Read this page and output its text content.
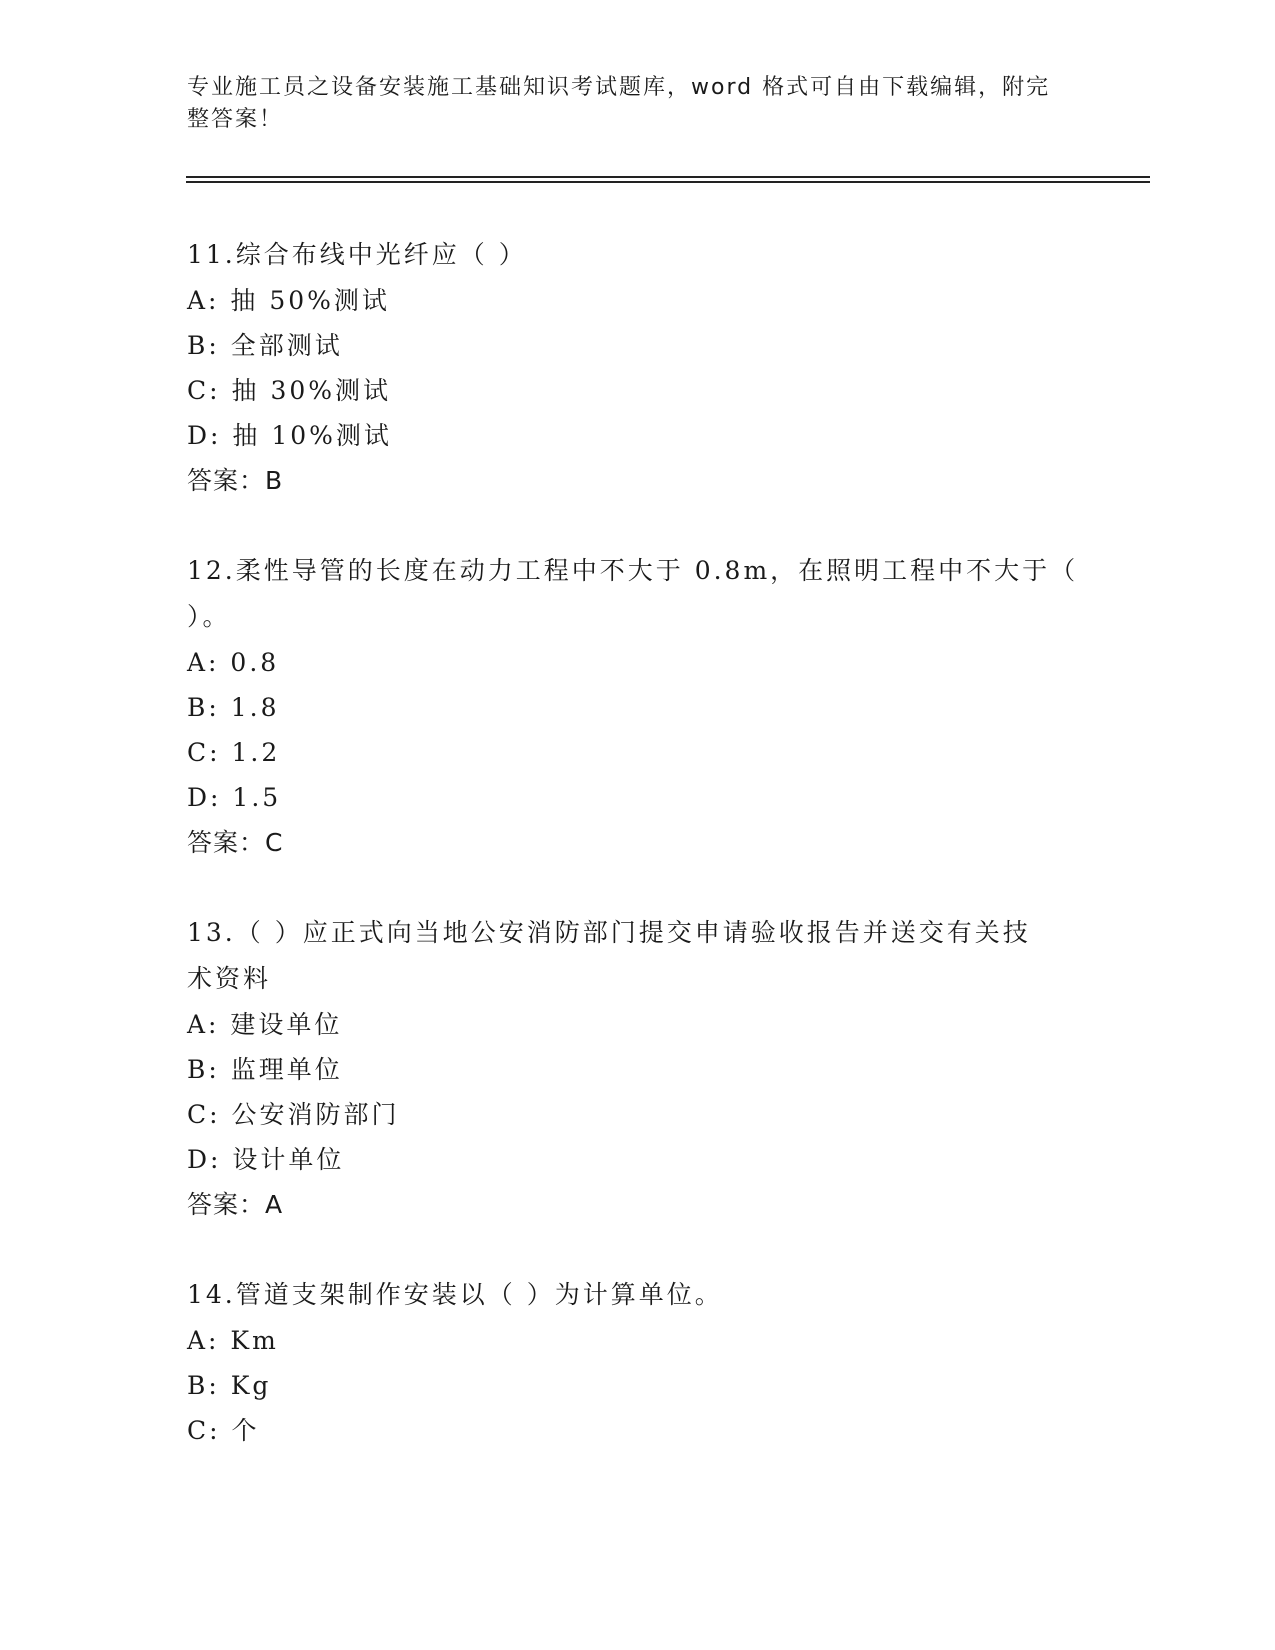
专业施工员之设备安装施工基础知识考试题库，word 格式可自由下载编辑，附完
整答案！

11.综合布线中光纤应（ ）

A: 抽 50%测试

B: 全部测试

C: 抽 30%测试

D: 抽 10%测试

答案：B

12.柔性导管的长度在动力工程中不大于 0.8m，在照明工程中不大于（

）。

A: 0.8

B: 1.8

C: 1.2

D: 1.5

答案：C

13.（ ）应正式向当地公安消防部门提交申请验收报告并送交有关技

术资料

A: 建设单位

B: 监理单位

C: 公安消防部门

D: 设计单位

答案：A

14.管道支架制作安装以（ ）为计算单位。

A: Km

B: Kg

C: 个
